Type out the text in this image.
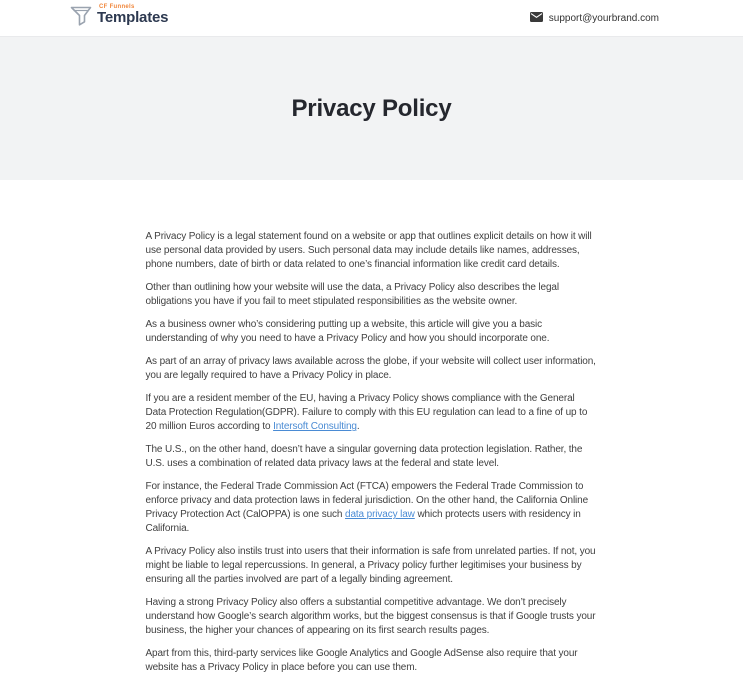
CF Funnels
Templates	support@yourbrand.com
Privacy Policy

A Privacy Policy is a legal statement found on a website or app that outlines explicit details on how it will use personal data provided by users. Such personal data may include details like names, addresses, phone numbers, date of birth or data related to one’s financial information like credit card details.

Other than outlining how your website will use the data, a Privacy Policy also describes the legal obligations you have if you fail to meet stipulated responsibilities as the website owner.

As a business owner who’s considering putting up a website, this article will give you a basic understanding of why you need to have a Privacy Policy and how you should incorporate one.

As part of an array of privacy laws available across the globe, if your website will collect user information, you are legally required to have a Privacy Policy in place.

If you are a resident member of the EU, having a Privacy Policy shows compliance with the General Data Protection Regulation(GDPR). Failure to comply with this EU regulation can lead to a fine of up to 20 million Euros according to Intersoft Consulting.

The U.S., on the other hand, doesn’t have a singular governing data protection legislation. Rather, the U.S. uses a combination of related data privacy laws at the federal and state level.

For instance, the Federal Trade Commission Act (FTCA) empowers the Federal Trade Commission to enforce privacy and data protection laws in federal jurisdiction. On the other hand, the California Online Privacy Protection Act (CalOPPA) is one such data privacy law which protects users with residency in California.

A Privacy Policy also instils trust into users that their information is safe from unrelated parties. If not, you might be liable to legal repercussions. In general, a Privacy policy further legitimises your business by ensuring all the parties involved are part of a legally binding agreement.

Having a strong Privacy Policy also offers a substantial competitive advantage. We don’t precisely understand how Google’s search algorithm works, but the biggest consensus is that if Google trusts your business, the higher your chances of appearing on its first search results pages.

Apart from this, third-party services like Google Analytics and Google AdSense also require that your website has a Privacy Policy in place before you can use them.
